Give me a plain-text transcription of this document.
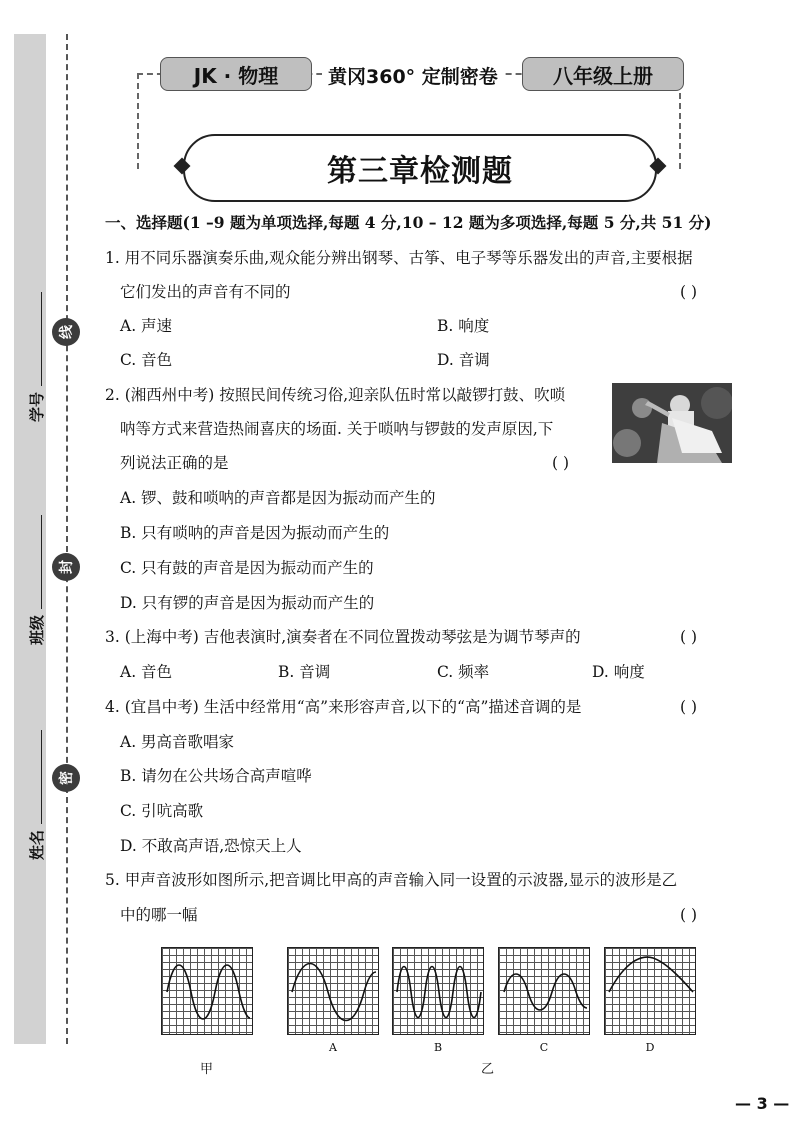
学号
班级
姓名
线
封
密
JK · 物理	黄冈360° 定制密卷	八年级上册
第三章检测题
一、选择题(1 –9 题为单项选择,每题 4 分,10 – 12 题为多项选择,每题 5 分,共 51 分)
1. 用不同乐器演奏乐曲,观众能分辨出钢琴、古筝、电子琴等乐器发出的声音,主要根据
它们发出的声音有不同的	( )
A. 声速	B. 响度
C. 音色	D. 音调
2. (湘西州中考) 按照民间传统习俗,迎亲队伍时常以敲锣打鼓、吹唢
呐等方式来营造热闹喜庆的场面. 关于唢呐与锣鼓的发声原因,下
列说法正确的是	( )
A. 锣、鼓和唢呐的声音都是因为振动而产生的
B. 只有唢呐的声音是因为振动而产生的
C. 只有鼓的声音是因为振动而产生的
D. 只有锣的声音是因为振动而产生的
3. (上海中考) 吉他表演时,演奏者在不同位置拨动琴弦是为调节琴声的	( )
A. 音色	B. 音调	C. 频率	D. 响度
4. (宜昌中考) 生活中经常用“高”来形容声音,以下的“高”描述音调的是	( )
A. 男高音歌唱家
B. 请勿在公共场合高声喧哗
C. 引吭高歌
D. 不敢高声语,恐惊天上人
5. 甲声音波形如图所示,把音调比甲高的声音输入同一设置的示波器,显示的波形是乙
中的哪一幅	( )
A	B	C	D
甲	乙
— 3 —
